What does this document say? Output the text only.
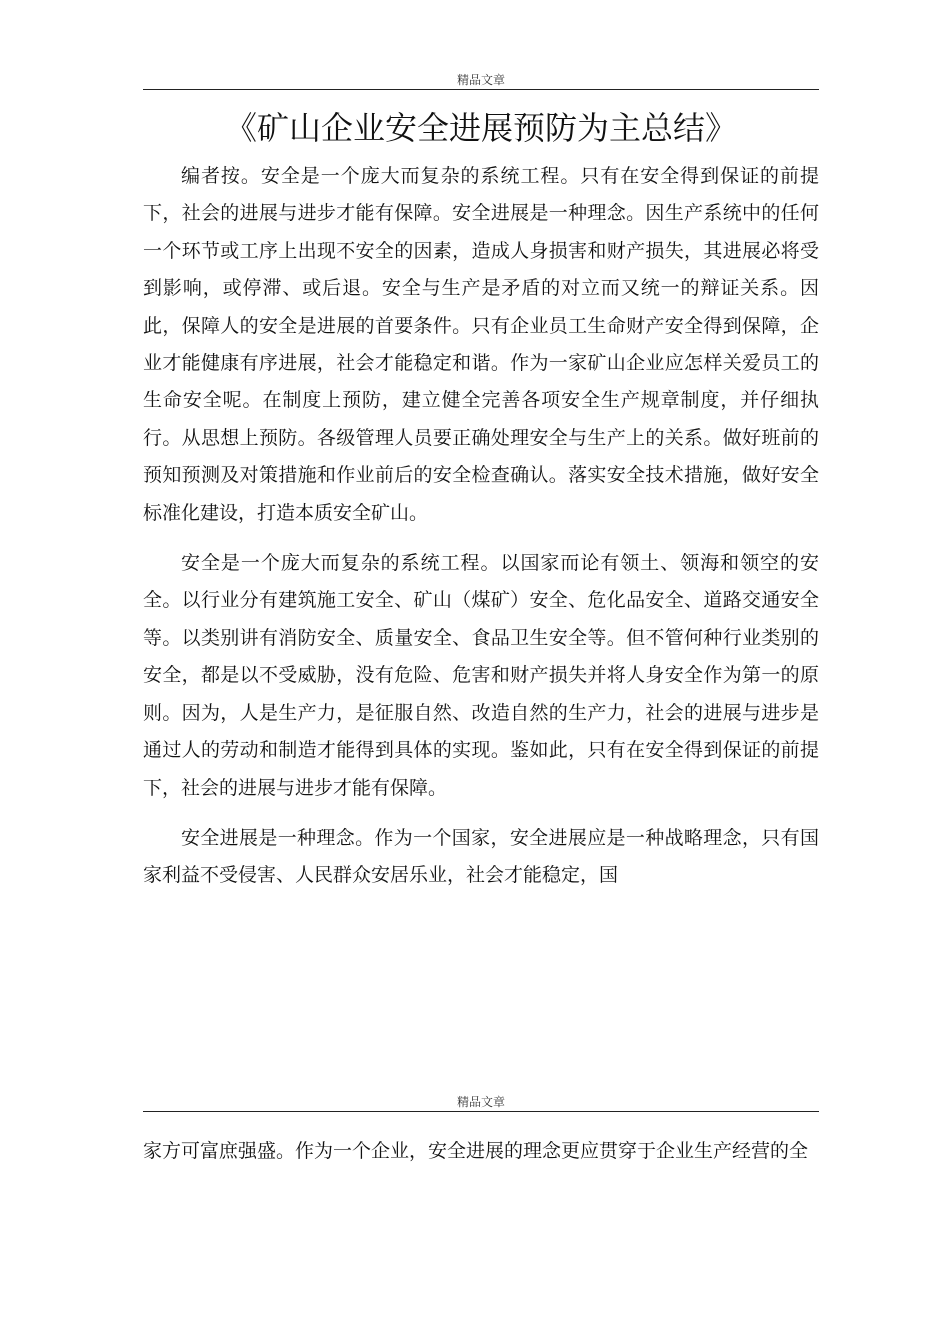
精品文章
《矿山企业安全进展预防为主总结》

编者按。安全是一个庞大而复杂的系统工程。只有在安全得到保证的前提下，社会的进展与进步才能有保障。安全进展是一种理念。因生产系统中的任何一个环节或工序上出现不安全的因素，造成人身损害和财产损失，其进展必将受到影响，或停滞、或后退。安全与生产是矛盾的对立而又统一的辩证关系。因此，保障人的安全是进展的首要条件。只有企业员工生命财产安全得到保障，企业才能健康有序进展，社会才能稳定和谐。作为一家矿山企业应怎样关爱员工的生命安全呢。在制度上预防，建立健全完善各项安全生产规章制度，并仔细执行。从思想上预防。各级管理人员要正确处理安全与生产上的关系。做好班前的预知预测及对策措施和作业前后的安全检查确认。落实安全技术措施，做好安全标准化建设，打造本质安全矿山。

安全是一个庞大而复杂的系统工程。以国家而论有领土、领海和领空的安全。以行业分有建筑施工安全、矿山（煤矿）安全、危化品安全、道路交通安全等。以类别讲有消防安全、质量安全、食品卫生安全等。但不管何种行业类别的安全，都是以不受威胁，没有危险、危害和财产损失并将人身安全作为第一的原则。因为，人是生产力，是征服自然、改造自然的生产力，社会的进展与进步是通过人的劳动和制造才能得到具体的实现。鉴如此，只有在安全得到保证的前提下，社会的进展与进步才能有保障。

安全进展是一种理念。作为一个国家，安全进展应是一种战略理念，只有国家利益不受侵害、人民群众安居乐业，社会才能稳定，国

精品文章

家方可富庶强盛。作为一个企业，安全进展的理念更应贯穿于企业生产经营的全
